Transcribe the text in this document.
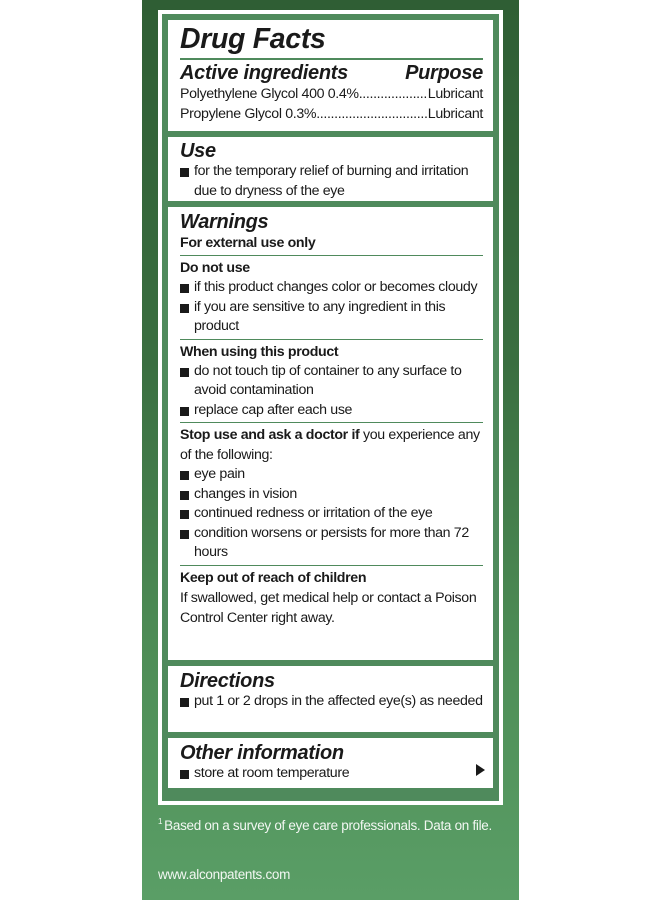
Drug Facts
Active ingredients	Purpose
Polyethylene Glycol 400 0.4% .....	Lubricant
Propylene Glycol 0.3% .....	Lubricant
Use
for the temporary relief of burning and irritation due to dryness of the eye
Warnings
For external use only
Do not use
if this product changes color or becomes cloudy
if you are sensitive to any ingredient in this product
When using this product
do not touch tip of container to any surface to avoid contamination
replace cap after each use
Stop use and ask a doctor if you experience any of the following:
eye pain
changes in vision
continued redness or irritation of the eye
condition worsens or persists for more than 72 hours
Keep out of reach of children
If swallowed, get medical help or contact a Poison Control Center right away.
Directions
put 1 or 2 drops in the affected eye(s) as needed
Other information
store at room temperature
$^1$ Based on a survey of eye care professionals. Data on file.
www.alconpatents.com
